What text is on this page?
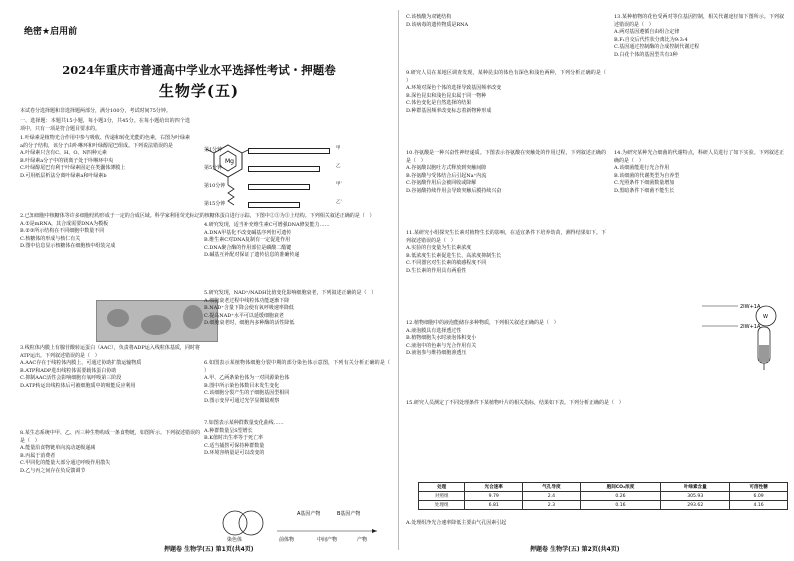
绝密★启用前
2024年重庆市普通高中学业水平选择性考试・押题卷
生物学(五)
本试卷分选择题和非选择题两部分，满分100分，考试时间75分钟。
一、选择题：本题共15小题，每小题3分，共45分。在每小题给出的四个选项中，只有一项是符合题目要求的。
1.叶绿素是植物光合作用中参与吸收、传递和转化光能的色素，右图为叶绿素a的分子结构，该分子由卟啉环和叶绿醇尾巴组成。下列说法错误的是
A.叶绿素只含有C、H、O、N四种元素
B.叶绿素a分子中的镁离子处于卟啉环中央
C.叶绿醇尾巴有利于叶绿素固定在类囊体薄膜上
D.可用纸层析法分离叶绿素a和叶绿素b
Mg
2.已知细胞中核糖体等许多细胞结构形成于一定的合成区域。科学家利用荧光标记的核糖体蛋白进行示踪，下图中②③为③上结构。下列相关叙述正确的是（   ）
A.①是mRNA，其合成需要DNA为模板
B.②③所示结构在不同细胞中数量不同
C.核糖体的形成与核仁有关
D.图中信息显示核糖体在细胞核中组装完成
3.线粒体内膜上有腺苷酸转运蛋白（AAC），负责将ADP运入线粒体基质，同时将ATP运出。下列叙述错误的是（   ）
A.AAC存在于线粒体内膜上，可通过协助扩散运输物质
B.ATP和ADP进出线粒体需要载体蛋白协助
C.抑制AAC活性会影响细胞有氧呼吸第三阶段
D.ATP转运出线粒体后可被细胞质中的吸能反应利用
第1分钟	甲
第5分钟	乙
第10分钟	甲'
第15分钟	乙'
4.研究发现，适当补充维生素C可增强DNA修复能力……
A.DNA甲基化不改变碱基序列但可遗传
B.维生素C对DNA复制有一定促进作用
C.DNA聚合酶的作用部位是磷酸二酯键
D.碱基互补配对保证了遗传信息的准确传递
5.研究发现，NAD⁺/NADH比值变化影响细胞衰老，下列叙述正确的是（   ）
A.细胞衰老过程中线粒体功能逐渐下降
B.NAD⁺含量下降会使有氧呼吸速率降低
C.提高NAD⁺水平可以延缓细胞衰老
D.细胞衰老时，细胞内多种酶的活性降低
6.如图表示某植物体细胞分裂中期的部分染色体示意图，下列有关分析正确的是（   ）
A.甲、乙两条染色体为一对同源染色体
B.图中所示染色体数目未发生变化
C.该细胞分裂产生的子细胞基因型相同
D.图示变异可通过光学显微镜观察
7.如图表示某种群数量变化曲线……
A.种群数量呈S型增长
B.K值时出生率等于死亡率
C.适当捕捞可保持种群数量
D.环境容纳量是可以改变的
8.某生态系统中甲、乙、丙三种生物构成一条食物链，如图所示。下列叙述错误的是（   ）
A.能量沿食物链单向流动逐级递减
B.丙属于消费者
C.甲同化的能量大部分通过呼吸作用散失
D.乙与丙之间存在负反馈调节
A基因产物	B基因产物
染色体	前体物	中间产物	产物
押题卷 生物学(五) 第1页(共4页)
C.该核酸为双链结构
D.该病毒的遗传物质是RNA
9.研究人员在某地区调查发现，某种昆虫的体色有深色和浅色两种，下列分析正确的是（   ）
A.环境对深色个体的选择导致基因频率改变
B.深色昆虫和浅色昆虫属于同一物种
C.体色变化是自然选择的结果
D.种群基因频率改变标志着新物种形成
10.谷氨酸是一种兴奋性神经递质。下图表示谷氨酸在突触处的作用过程，下列叙述正确的是（   ）
A.谷氨酸以胞吐方式释放到突触间隙
B.谷氨酸与受体结合后引起Na⁺内流
C.谷氨酸作用后会被回收或降解
D.谷氨酸持续作用会导致突触后膜持续兴奋
11.某研究小组探究生长素对植物生长的影响，在适宜条件下培养幼苗，测得结果如下。下列叙述错误的是（   ）
A.实验的自变量为生长素浓度
B.低浓度生长素促进生长，高浓度抑制生长
C.不同器官对生长素的敏感程度不同
D.生长素的作用具有两重性
12.植物细胞中的液泡能储存多种物质，下列相关叙述正确的是（   ）
A.液泡膜具有选择透过性
B.植物细胞失水时液泡体积变小
C.液泡中的色素与光合作用有关
D.液泡参与维持细胞渗透压
13.某种植物的花色受两对等位基因控制，相关代谢途径如下图所示。下列叙述错误的是（   ）
A.两对基因遵循自由组合定律
B.F₁自交后代性状分离比为9:3:4
C.基因通过控制酶的合成控制代谢过程
D.白花个体的基因型共有3种
14.为研究某种光合细菌的代谢特点，科研人员进行了如下实验。下列叙述正确的是（   ）
A.该细菌能进行光合作用
B.该细菌的代谢类型为自养型
C.光照条件下细菌数量增加
D.黑暗条件下细菌不能生长
2IW+1A
2IW+1A
W
15.研究人员测定了不同处理条件下某植物叶片的相关指标，结果如下表。下列分析正确的是（   ）
处理	光合速率	气孔导度	胞间CO₂浓度	叶绿素含量	可溶性糖
对照组	9.79	2.4	0.26	305.93	6.09
处理组	6.81	2.3	0.16	293.62	4.16
A.处理组净光合速率降低主要由气孔因素引起
押题卷 生物学(五) 第2页(共4页)
